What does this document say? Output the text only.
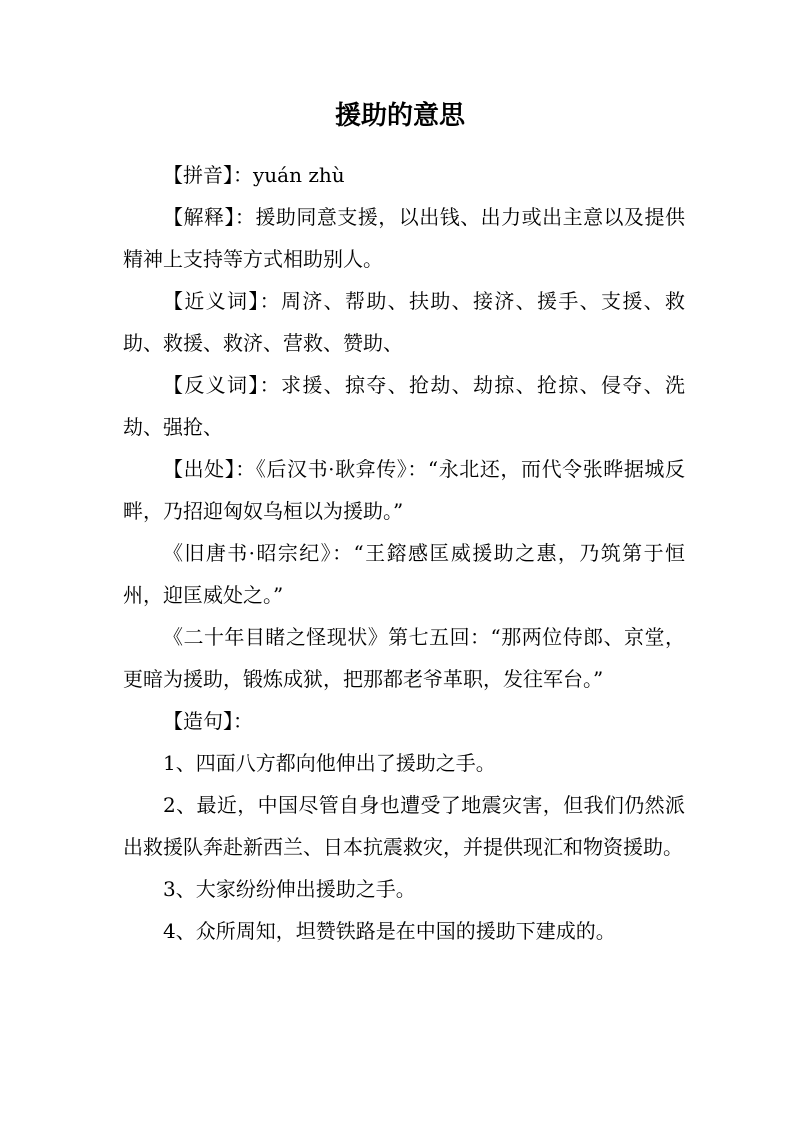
援助的意思

【拼音】：yuán zhù

【解释】：援助同意支援，以出钱、出力或出主意以及提供精神上支持等方式相助别人。

【近义词】：周济、帮助、扶助、接济、援手、支援、救助、救援、救济、营救、赞助、

【反义词】：求援、掠夺、抢劫、劫掠、抢掠、侵夺、洗劫、强抢、

【出处】：《后汉书·耿弇传》：“永北还，而代令张晔据城反畔，乃招迎匈奴乌桓以为援助。”

《旧唐书·昭宗纪》：“王鎔感匡威援助之惠，乃筑第于恒州，迎匡威处之。”

《二十年目睹之怪现状》第七五回：“那两位侍郎、京堂，更暗为援助，锻炼成狱，把那都老爷革职，发往军台。”

【造句】：

1、四面八方都向他伸出了援助之手。

2、最近，中国尽管自身也遭受了地震灾害，但我们仍然派出救援队奔赴新西兰、日本抗震救灾，并提供现汇和物资援助。

3、大家纷纷伸出援助之手。

4、众所周知，坦赞铁路是在中国的援助下建成的。
